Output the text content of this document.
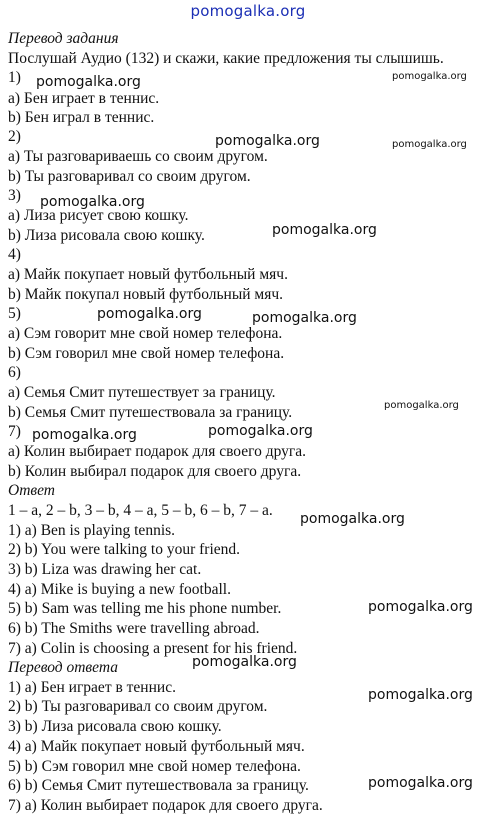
pomogalka.org
Перевод задания
Послушай Аудио (132) и скажи, какие предложения ты слышишь.
1)
a) Бен играет в теннис.
b) Бен играл в теннис.
2)
a) Ты разговариваешь со своим другом.
b) Ты разговаривал со своим другом.
3)
a) Лиза рисует свою кошку.
b) Лиза рисовала свою кошку.
4)
a) Майк покупает новый футбольный мяч.
b) Майк покупал новый футбольный мяч.
5)
a) Сэм говорит мне свой номер телефона.
b) Сэм говорил мне свой номер телефона.
6)
a) Семья Смит путешествует за границу.
b) Семья Смит путешествовала за границу.
7)
a) Колин выбирает подарок для своего друга.
b) Колин выбирал подарок для своего друга.
Ответ
1 – a, 2 – b, 3 – b, 4 – a, 5 – b, 6 – b, 7 – a.
1) a) Ben is playing tennis.
2) b) You were talking to your friend.
3) b) Liza was drawing her cat.
4) a) Mike is buying a new football.
5) b) Sam was telling me his phone number.
6) b) The Smiths were travelling abroad.
7) a) Colin is choosing a present for his friend.
Перевод ответа
1) a) Бен играет в теннис.
2) b) Ты разговаривал со своим другом.
3) b) Лиза рисовала свою кошку.
4) a) Майк покупает новый футбольный мяч.
5) b) Сэм говорил мне свой номер телефона.
6) b) Семья Смит путешествовала за границу.
7) a) Колин выбирает подарок для своего друга.
pomogalka.org	pomogalka.org
pomogalka.org	pomogalka.org
pomogalka.org
pomogalka.org
pomogalka.org	pomogalka.org
pomogalka.org
pomogalka.org	pomogalka.org
pomogalka.org
pomogalka.org
pomogalka.org
pomogalka.org
pomogalka.org
